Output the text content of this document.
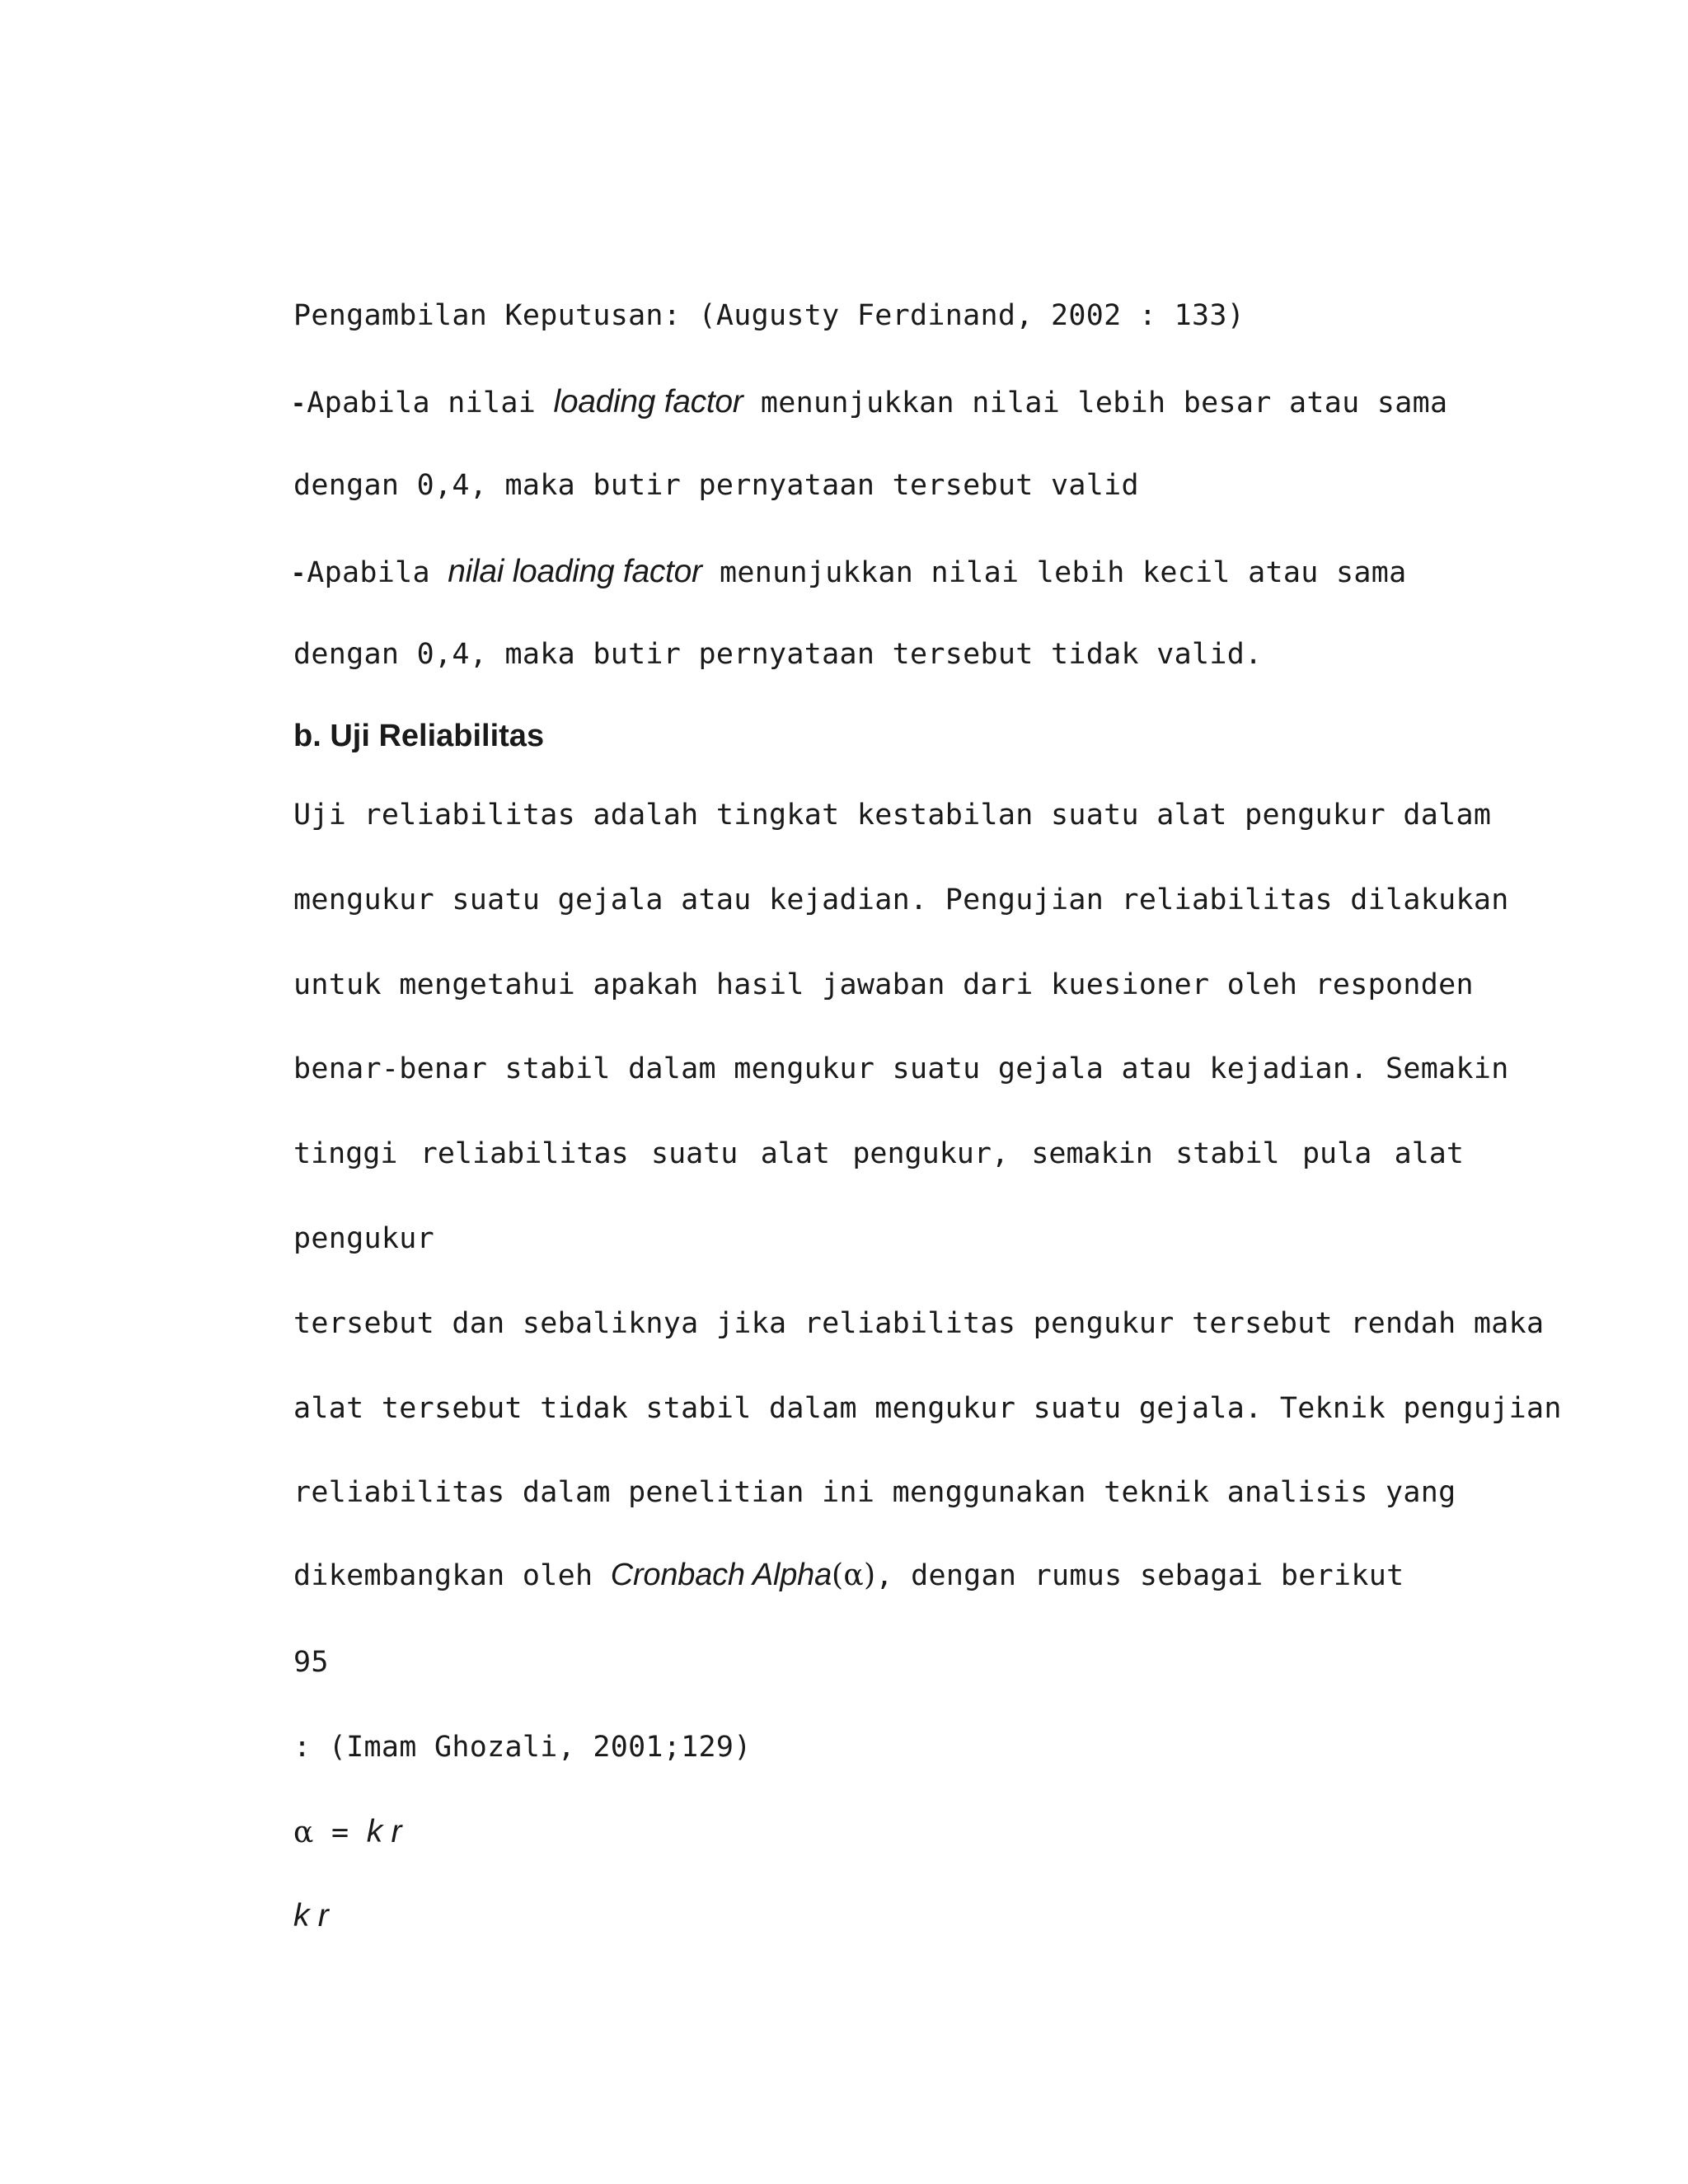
Pengambilan Keputusan: (Augusty Ferdinand, 2002 : 133)
- Apabila nilai loading factor menunjukkan nilai lebih besar atau sama
dengan 0,4, maka butir pernyataan tersebut valid
- Apabila nilai loading factor menunjukkan nilai lebih kecil atau sama
dengan 0,4, maka butir pernyataan tersebut tidak valid.
b. Uji Reliabilitas
Uji reliabilitas adalah tingkat kestabilan suatu alat pengukur dalam
mengukur suatu gejala atau kejadian. Pengujian reliabilitas dilakukan
untuk mengetahui apakah hasil jawaban dari kuesioner oleh responden
benar-benar stabil dalam mengukur suatu gejala atau kejadian. Semakin
tinggi reliabilitas suatu alat pengukur, semakin stabil pula alat
pengukur
tersebut dan sebaliknya jika reliabilitas pengukur tersebut rendah maka
alat tersebut tidak stabil dalam mengukur suatu gejala. Teknik pengujian
reliabilitas dalam penelitian ini menggunakan teknik analisis yang
dikembangkan oleh Cronbach Alpha(α), dengan rumus sebagai berikut
95
: (Imam Ghozali, 2001;129)
α = k r
k r
